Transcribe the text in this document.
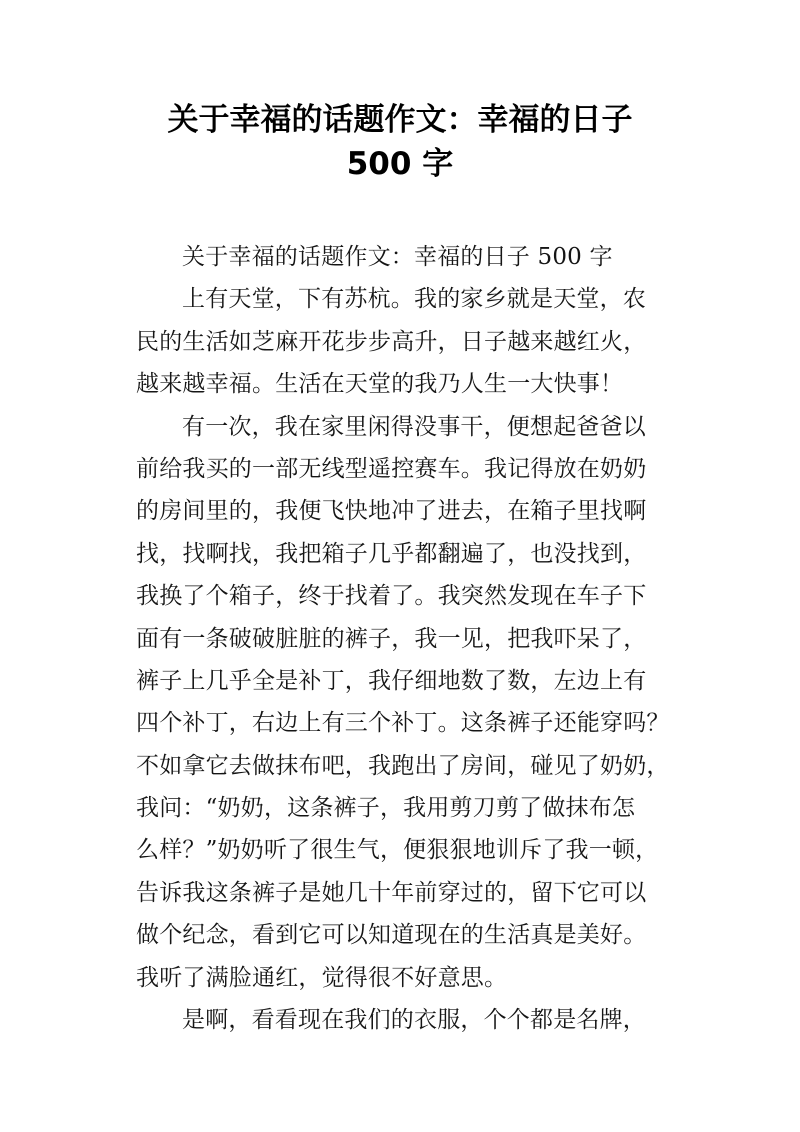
关于幸福的话题作文：幸福的日子
500 字
关于幸福的话题作文：幸福的日子 500 字
上有天堂，下有苏杭。我的家乡就是天堂，农
民的生活如芝麻开花步步高升，日子越来越红火，
越来越幸福。生活在天堂的我乃人生一大快事！
有一次，我在家里闲得没事干，便想起爸爸以
前给我买的一部无线型遥控赛车。我记得放在奶奶
的房间里的，我便飞快地冲了进去，在箱子里找啊
找，找啊找，我把箱子几乎都翻遍了，也没找到，
我换了个箱子，终于找着了。我突然发现在车子下
面有一条破破脏脏的裤子，我一见，把我吓呆了，
裤子上几乎全是补丁，我仔细地数了数，左边上有
四个补丁，右边上有三个补丁。这条裤子还能穿吗？
不如拿它去做抹布吧，我跑出了房间，碰见了奶奶，
我问：“奶奶，这条裤子，我用剪刀剪了做抹布怎
么样？”奶奶听了很生气，便狠狠地训斥了我一顿，
告诉我这条裤子是她几十年前穿过的，留下它可以
做个纪念，看到它可以知道现在的生活真是美好。
我听了满脸通红，觉得很不好意思。
是啊，看看现在我们的衣服，个个都是名牌，
